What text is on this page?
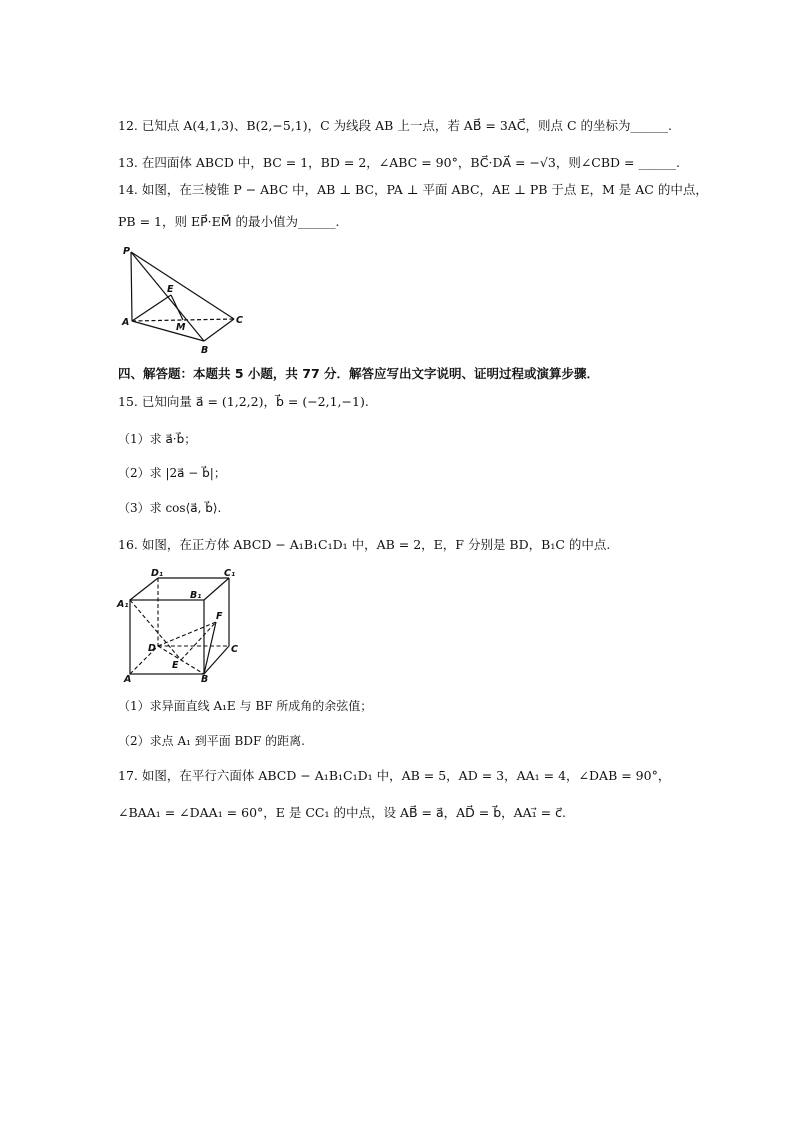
12. 已知点 A(4,1,3)、B(2,−5,1)，C 为线段 AB 上一点，若 AB⃗ = 3AC⃗，则点 C 的坐标为______.
13. 在四面体 ABCD 中，BC = 1，BD = 2，∠ABC = 90°，BC⃗·DA⃗ = −√3，则∠CBD = ______.
14. 如图，在三棱锥 P − ABC 中，AB ⊥ BC，PA ⊥ 平面 ABC，AE ⊥ PB 于点 E，M 是 AC 的中点，
PB = 1，则 EP⃗·EM⃗ 的最小值为______.
P
E
A	M
C
B
四、解答题：本题共 5 小题，共 77 分．解答应写出文字说明、证明过程或演算步骤．
15. 已知向量 a⃗ = (1,2,2)，b⃗ = (−2,1,−1).
（1）求 a⃗·b⃗；
（2）求 |2a⃗ − b⃗|；
（3）求 cos⟨a⃗, b⃗⟩.
16. 如图，在正方体 ABCD − A₁B₁C₁D₁ 中，AB = 2，E，F 分别是 BD，B₁C 的中点.
D₁	C₁
A₁
B₁
F
D	C
E
A	B
（1）求异面直线 A₁E 与 BF 所成角的余弦值；
（2）求点 A₁ 到平面 BDF 的距离.
17. 如图，在平行六面体 ABCD − A₁B₁C₁D₁ 中，AB = 5，AD = 3，AA₁ = 4，∠DAB = 90°，
∠BAA₁ = ∠DAA₁ = 60°，E 是 CC₁ 的中点，设 AB⃗ = a⃗，AD⃗ = b⃗，AA₁⃗ = c⃗.
